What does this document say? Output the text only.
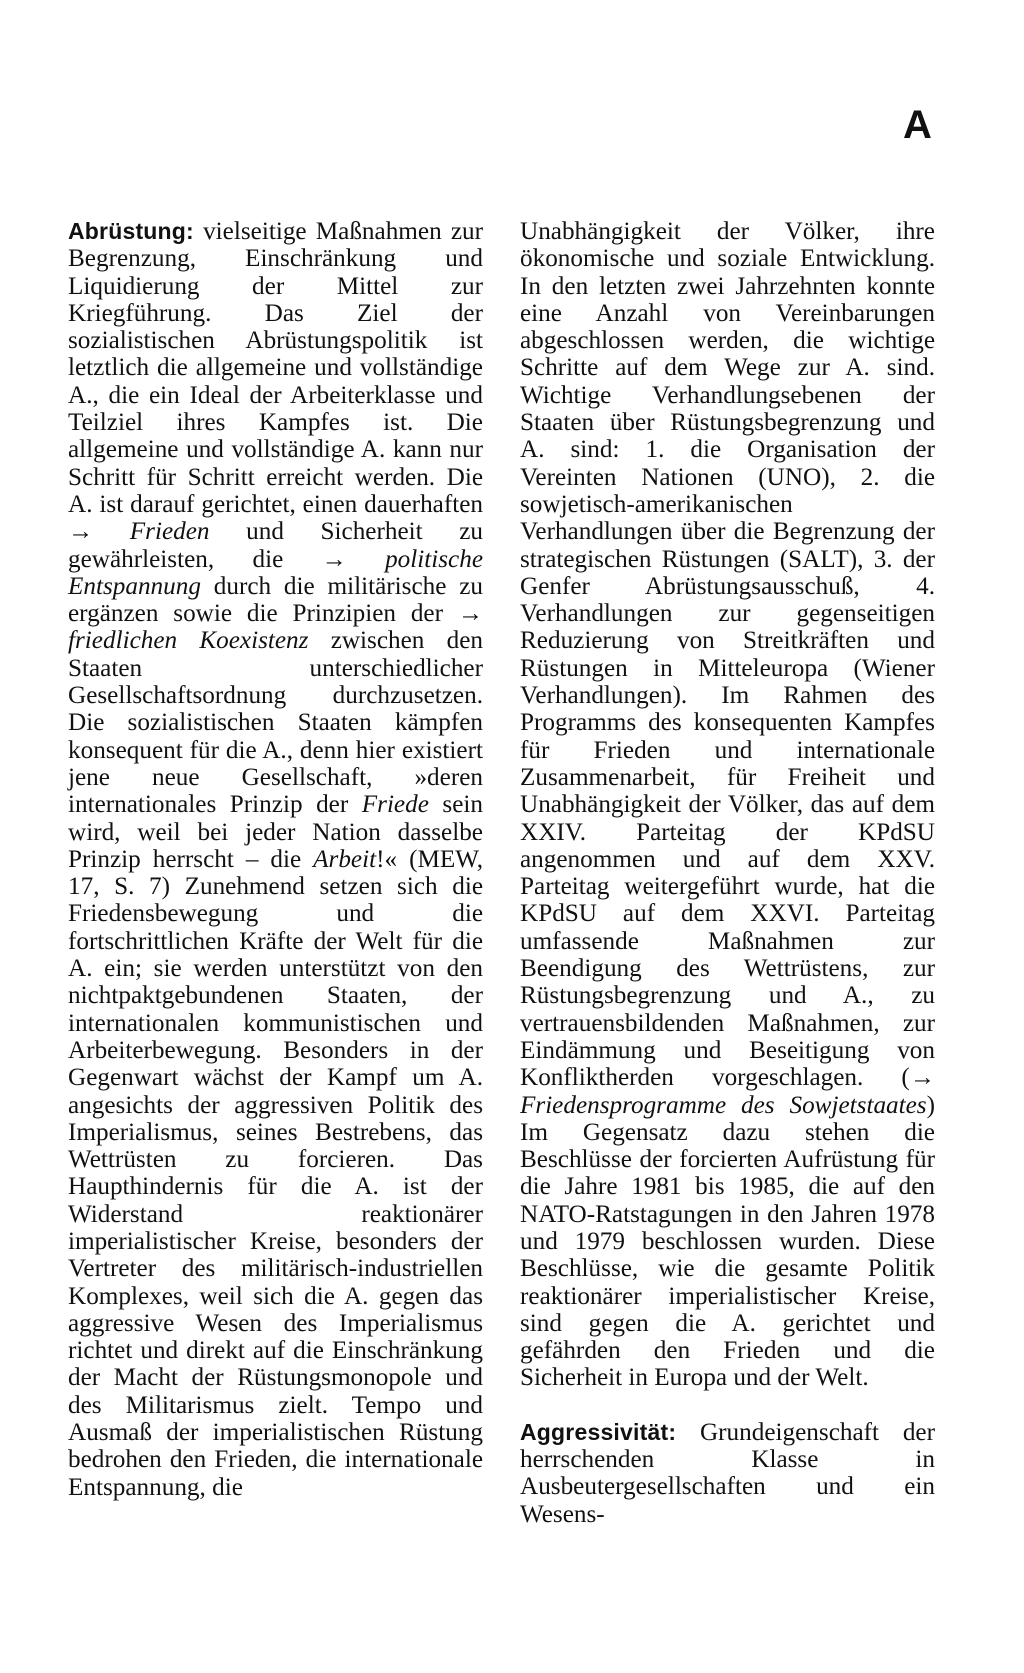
A

Abrüstung: vielseitige Maßnahmen zur Begrenzung, Einschränkung und Liquidierung der Mittel zur Kriegführung. Das Ziel der sozialistischen Abrüstungspolitik ist letztlich die allgemeine und vollständige A., die ein Ideal der Arbeiterklasse und Teilziel ihres Kampfes ist. Die allgemeine und vollständige A. kann nur Schritt für Schritt erreicht werden. Die A. ist darauf gerichtet, einen dauerhaften → Frieden und Sicherheit zu gewährleisten, die → politische Entspannung durch die militärische zu ergänzen sowie die Prinzipien der → friedlichen Koexistenz zwischen den Staaten unterschiedlicher Gesellschaftsordnung durchzusetzen. Die sozialistischen Staaten kämpfen konsequent für die A., denn hier existiert jene neue Gesellschaft, »deren internationales Prinzip der Friede sein wird, weil bei jeder Nation dasselbe Prinzip herrscht – die Arbeit!« (MEW, 17, S. 7) Zunehmend setzen sich die Friedensbewegung und die fortschrittlichen Kräfte der Welt für die A. ein; sie werden unterstützt von den nichtpaktgebundenen Staaten, der internationalen kommunistischen und Arbeiterbewegung. Besonders in der Gegenwart wächst der Kampf um A. angesichts der aggressiven Politik des Imperialismus, seines Bestrebens, das Wettrüsten zu forcieren. Das Haupthindernis für die A. ist der Widerstand reaktionärer imperialistischer Kreise, besonders der Vertreter des militärisch-industriellen Komplexes, weil sich die A. gegen das aggressive Wesen des Imperialismus richtet und direkt auf die Einschränkung der Macht der Rüstungsmonopole und des Militarismus zielt. Tempo und Ausmaß der imperialistischen Rüstung bedrohen den Frieden, die internationale Entspannung, die

Unabhängigkeit der Völker, ihre ökonomische und soziale Entwicklung. In den letzten zwei Jahrzehnten konnte eine Anzahl von Vereinbarungen abgeschlossen werden, die wichtige Schritte auf dem Wege zur A. sind. Wichtige Verhandlungsebenen der Staaten über Rüstungsbegrenzung und A. sind: 1. die Organisation der Vereinten Nationen (UNO), 2. die sowjetisch-amerikanischen Verhandlungen über die Begrenzung der strategischen Rüstungen (SALT), 3. der Genfer Abrüstungsausschuß, 4. Verhandlungen zur gegenseitigen Reduzierung von Streitkräften und Rüstungen in Mitteleuropa (Wiener Verhandlungen). Im Rahmen des Programms des konsequenten Kampfes für Frieden und internationale Zusammenarbeit, für Freiheit und Unabhängigkeit der Völker, das auf dem XXIV. Parteitag der KPdSU angenommen und auf dem XXV. Parteitag weitergeführt wurde, hat die KPdSU auf dem XXVI. Parteitag umfassende Maßnahmen zur Beendigung des Wettrüstens, zur Rüstungsbegrenzung und A., zu vertrauensbildenden Maßnahmen, zur Eindämmung und Beseitigung von Konfliktherden vorgeschlagen. (→ Friedensprogramme des Sowjetstaates) Im Gegensatz dazu stehen die Beschlüsse der forcierten Aufrüstung für die Jahre 1981 bis 1985, die auf den NATO-Ratstagungen in den Jahren 1978 und 1979 beschlossen wurden. Diese Beschlüsse, wie die gesamte Politik reaktionärer imperialistischer Kreise, sind gegen die A. gerichtet und gefährden den Frieden und die Sicherheit in Europa und der Welt.

Aggressivität: Grundeigenschaft der herrschenden Klasse in Ausbeutergesellschaften und ein Wesens-
